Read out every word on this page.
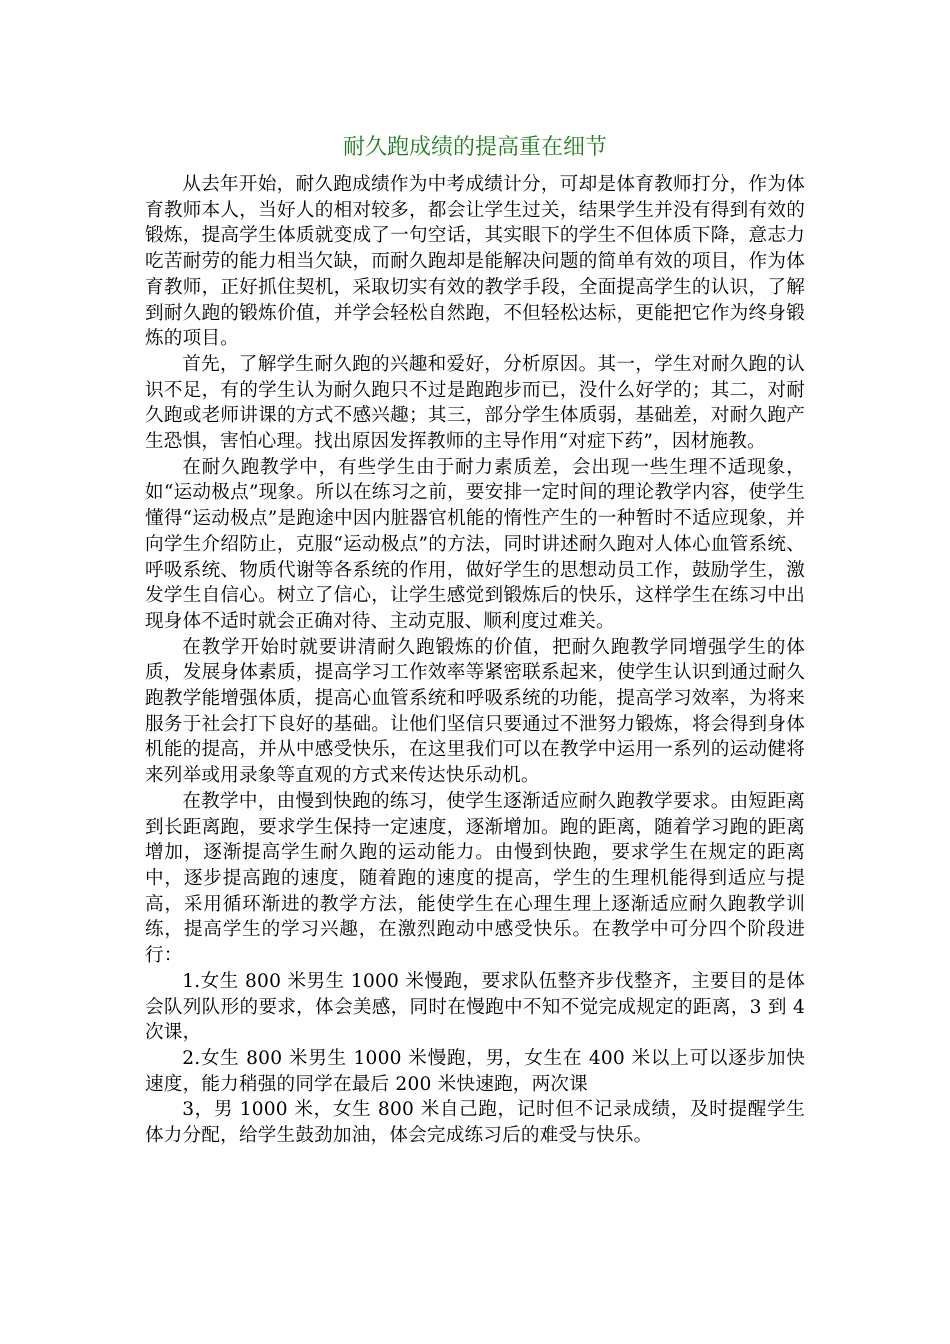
耐久跑成绩的提高重在细节

从去年开始，耐久跑成绩作为中考成绩计分，可却是体育教师打分，作为体育教师本人，当好人的相对较多，都会让学生过关，结果学生并没有得到有效的锻炼，提高学生体质就变成了一句空话，其实眼下的学生不但体质下降，意志力吃苦耐劳的能力相当欠缺，而耐久跑却是能解决问题的简单有效的项目，作为体育教师，正好抓住契机，采取切实有效的教学手段，全面提高学生的认识，了解到耐久跑的锻炼价值，并学会轻松自然跑，不但轻松达标，更能把它作为终身锻炼的项目。

首先，了解学生耐久跑的兴趣和爱好，分析原因。其一，学生对耐久跑的认识不足，有的学生认为耐久跑只不过是跑跑步而已，没什么好学的；其二，对耐久跑或老师讲课的方式不感兴趣；其三，部分学生体质弱，基础差，对耐久跑产生恐惧，害怕心理。找出原因发挥教师的主导作用“对症下药”，因材施教。

在耐久跑教学中，有些学生由于耐力素质差，会出现一些生理不适现象，如“运动极点”现象。所以在练习之前，要安排一定时间的理论教学内容，使学生懂得“运动极点”是跑途中因内脏器官机能的惰性产生的一种暂时不适应现象，并向学生介绍防止，克服“运动极点”的方法，同时讲述耐久跑对人体心血管系统、呼吸系统、物质代谢等各系统的作用，做好学生的思想动员工作，鼓励学生，激发学生自信心。树立了信心，让学生感觉到锻炼后的快乐，这样学生在练习中出现身体不适时就会正确对待、主动克服、顺利度过难关。

在教学开始时就要讲清耐久跑锻炼的价值，把耐久跑教学同增强学生的体质，发展身体素质，提高学习工作效率等紧密联系起来，使学生认识到通过耐久跑教学能增强体质，提高心血管系统和呼吸系统的功能，提高学习效率，为将来服务于社会打下良好的基础。让他们坚信只要通过不泄努力锻炼，将会得到身体机能的提高，并从中感受快乐，在这里我们可以在教学中运用一系列的运动健将来列举或用录象等直观的方式来传达快乐动机。

在教学中，由慢到快跑的练习，使学生逐渐适应耐久跑教学要求。由短距离到长距离跑，要求学生保持一定速度，逐渐增加。跑的距离，随着学习跑的距离增加，逐渐提高学生耐久跑的运动能力。由慢到快跑，要求学生在规定的距离中，逐步提高跑的速度，随着跑的速度的提高，学生的生理机能得到适应与提高，采用循环渐进的教学方法，能使学生在心理生理上逐渐适应耐久跑教学训练，提高学生的学习兴趣，在激烈跑动中感受快乐。在教学中可分四个阶段进行：

1.女生 800 米男生 1000 米慢跑，要求队伍整齐步伐整齐，主要目的是体会队列队形的要求，体会美感，同时在慢跑中不知不觉完成规定的距离，3 到 4 次课，

2.女生 800 米男生 1000 米慢跑，男，女生在 400 米以上可以逐步加快速度，能力稍强的同学在最后 200 米快速跑，两次课

3，男 1000 米，女生 800 米自己跑，记时但不记录成绩，及时提醒学生体力分配，给学生鼓劲加油，体会完成练习后的难受与快乐。
